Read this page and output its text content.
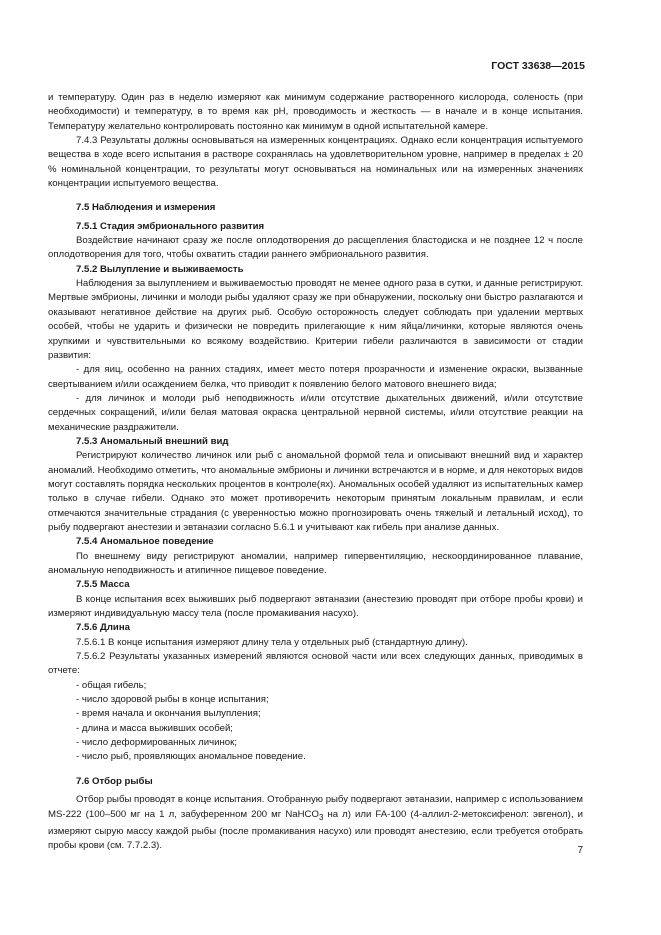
ГОСТ 33638—2015

и температуру. Один раз в неделю измеряют как минимум содержание растворенного кислорода, соленость (при необходимости) и температуру, в то время как pH, проводимость и жесткость — в начале и в конце испытания. Температуру желательно контролировать постоянно как минимум в одной испытательной камере.

7.4.3 Результаты должны основываться на измеренных концентрациях. Однако если концентрация испытуемого вещества в ходе всего испытания в растворе сохранялась на удовлетворительном уровне, например в пределах ± 20 % номинальной концентрации, то результаты могут основываться на номинальных или на измеренных значениях концентрации испытуемого вещества.

7.5 Наблюдения и измерения

7.5.1 Стадия эмбрионального развития

Воздействие начинают сразу же после оплодотворения до расщепления бластодиска и не позднее 12 ч после оплодотворения для того, чтобы охватить стадии раннего эмбрионального развития.

7.5.2 Вылупление и выживаемость

Наблюдения за вылуплением и выживаемостью проводят не менее одного раза в сутки, и данные регистрируют. Мертвые эмбрионы, личинки и молоди рыбы удаляют сразу же при обнаружении, поскольку они быстро разлагаются и оказывают негативное действие на других рыб. Особую осторожность следует соблюдать при удалении мертвых особей, чтобы не ударить и физически не повредить прилегающие к ним яйца/личинки, которые являются очень хрупкими и чувствительными ко всякому воздействию. Критерии гибели различаются в зависимости от стадии развития:

- для яиц, особенно на ранних стадиях, имеет место потеря прозрачности и изменение окраски, вызванные свертыванием и/или осаждением белка, что приводит к появлению белого матового внешнего вида;

- для личинок и молоди рыб неподвижность и/или отсутствие дыхательных движений, и/или отсутствие сердечных сокращений, и/или белая матовая окраска центральной нервной системы, и/или отсутствие реакции на механические раздражители.

7.5.3 Аномальный внешний вид

Регистрируют количество личинок или рыб с аномальной формой тела и описывают внешний вид и характер аномалий. Необходимо отметить, что аномальные эмбрионы и личинки встречаются и в норме, и для некоторых видов могут составлять порядка нескольких процентов в контроле(ях). Аномальных особей удаляют из испытательных камер только в случае гибели. Однако это может противоречить некоторым принятым локальным правилам, и если отмечаются значительные страдания (с уверенностью можно прогнозировать очень тяжелый и летальный исход), то рыбу подвергают анестезии и эвтаназии согласно 5.6.1 и учитывают как гибель при анализе данных.

7.5.4 Аномальное поведение

По внешнему виду регистрируют аномалии, например гипервентиляцию, нескоординированное плавание, аномальную неподвижность и атипичное пищевое поведение.

7.5.5 Масса

В конце испытания всех выживших рыб подвергают эвтаназии (анестезию проводят при отборе пробы крови) и измеряют индивидуальную массу тела (после промакивания насухо).

7.5.6 Длина

7.5.6.1 В конце испытания измеряют длину тела у отдельных рыб (стандартную длину).

7.5.6.2 Результаты указанных измерений являются основой части или всех следующих данных, приводимых в отчете:

- общая гибель;

- число здоровой рыбы в конце испытания;

- время начала и окончания вылупления;

- длина и масса выживших особей;

- число деформированных личинок;

- число рыб, проявляющих аномальное поведение.

7.6 Отбор рыбы

Отбор рыбы проводят в конце испытания. Отобранную рыбу подвергают эвтаназии, например с использованием MS-222 (100–500 мг на 1 л, забуференном 200 мг NaHCO$_3$ на л) или FA-100 (4-аллил-2-метоксифенол: эвгенол), и измеряют сырую массу каждой рыбы (после промакивания насухо) или проводят анестезию, если требуется отобрать пробы крови (см. 7.7.2.3).	7
